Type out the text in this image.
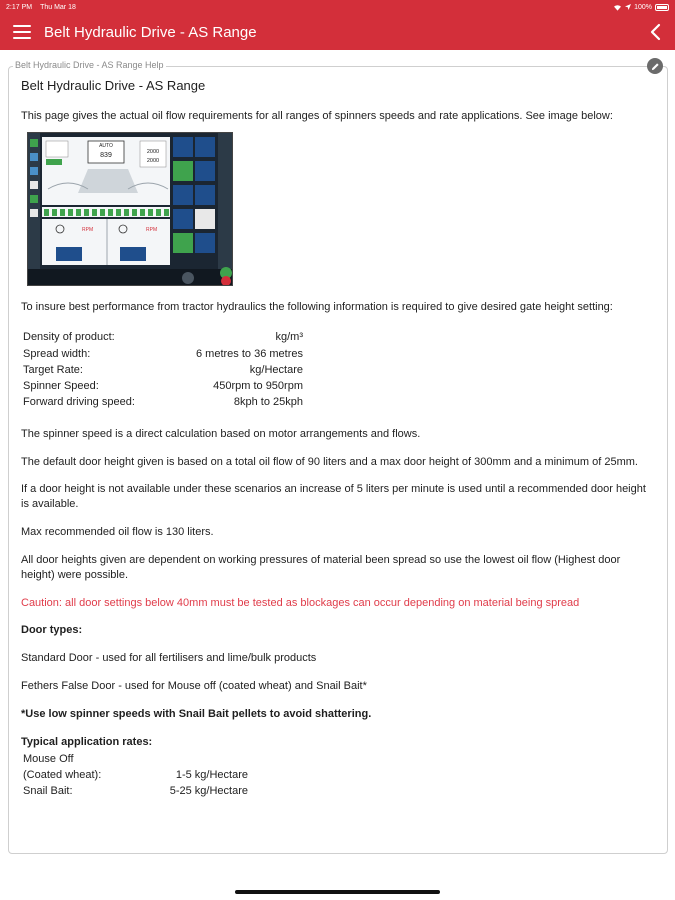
2:17 PM Thu Mar 18	100%
Belt Hydraulic Drive - AS Range
Belt Hydraulic Drive - AS Range Help
Belt Hydraulic Drive - AS Range

This page gives the actual oil flow requirements for all ranges of spinners speeds and rate applications. See image below:

AUTO
839	2000
2000
RPM	RPM

To insure best performance from tractor hydraulics the following information is required to give desired gate height setting:

Density of product:	kg/m³
Spread width:	6 metres to 36 metres
Target Rate:	kg/Hectare
Spinner Speed:	450rpm to 950rpm
Forward driving speed:	8kph to 25kph

The spinner speed is a direct calculation based on motor arrangements and flows.

The default door height given is based on a total oil flow of 90 liters and a max door height of 300mm and a minimum of 25mm.

If a door height is not available under these scenarios an increase of 5 liters per minute is used until a recommended door height is available.

Max recommended oil flow is 130 liters.

All door heights given are dependent on working pressures of material been spread so use the lowest oil flow (Highest door height) were possible.

Caution: all door settings below 40mm must be tested as blockages can occur depending on material being spread

Door types:

Standard Door - used for all fertilisers and lime/bulk products

Fethers False Door - used for Mouse off (coated wheat) and Snail Bait*

*Use low spinner speeds with Snail Bait pellets to avoid shattering.

Typical application rates:

Mouse Off	
(Coated wheat):	1-5 kg/Hectare
Snail Bait:	5-25 kg/Hectare
